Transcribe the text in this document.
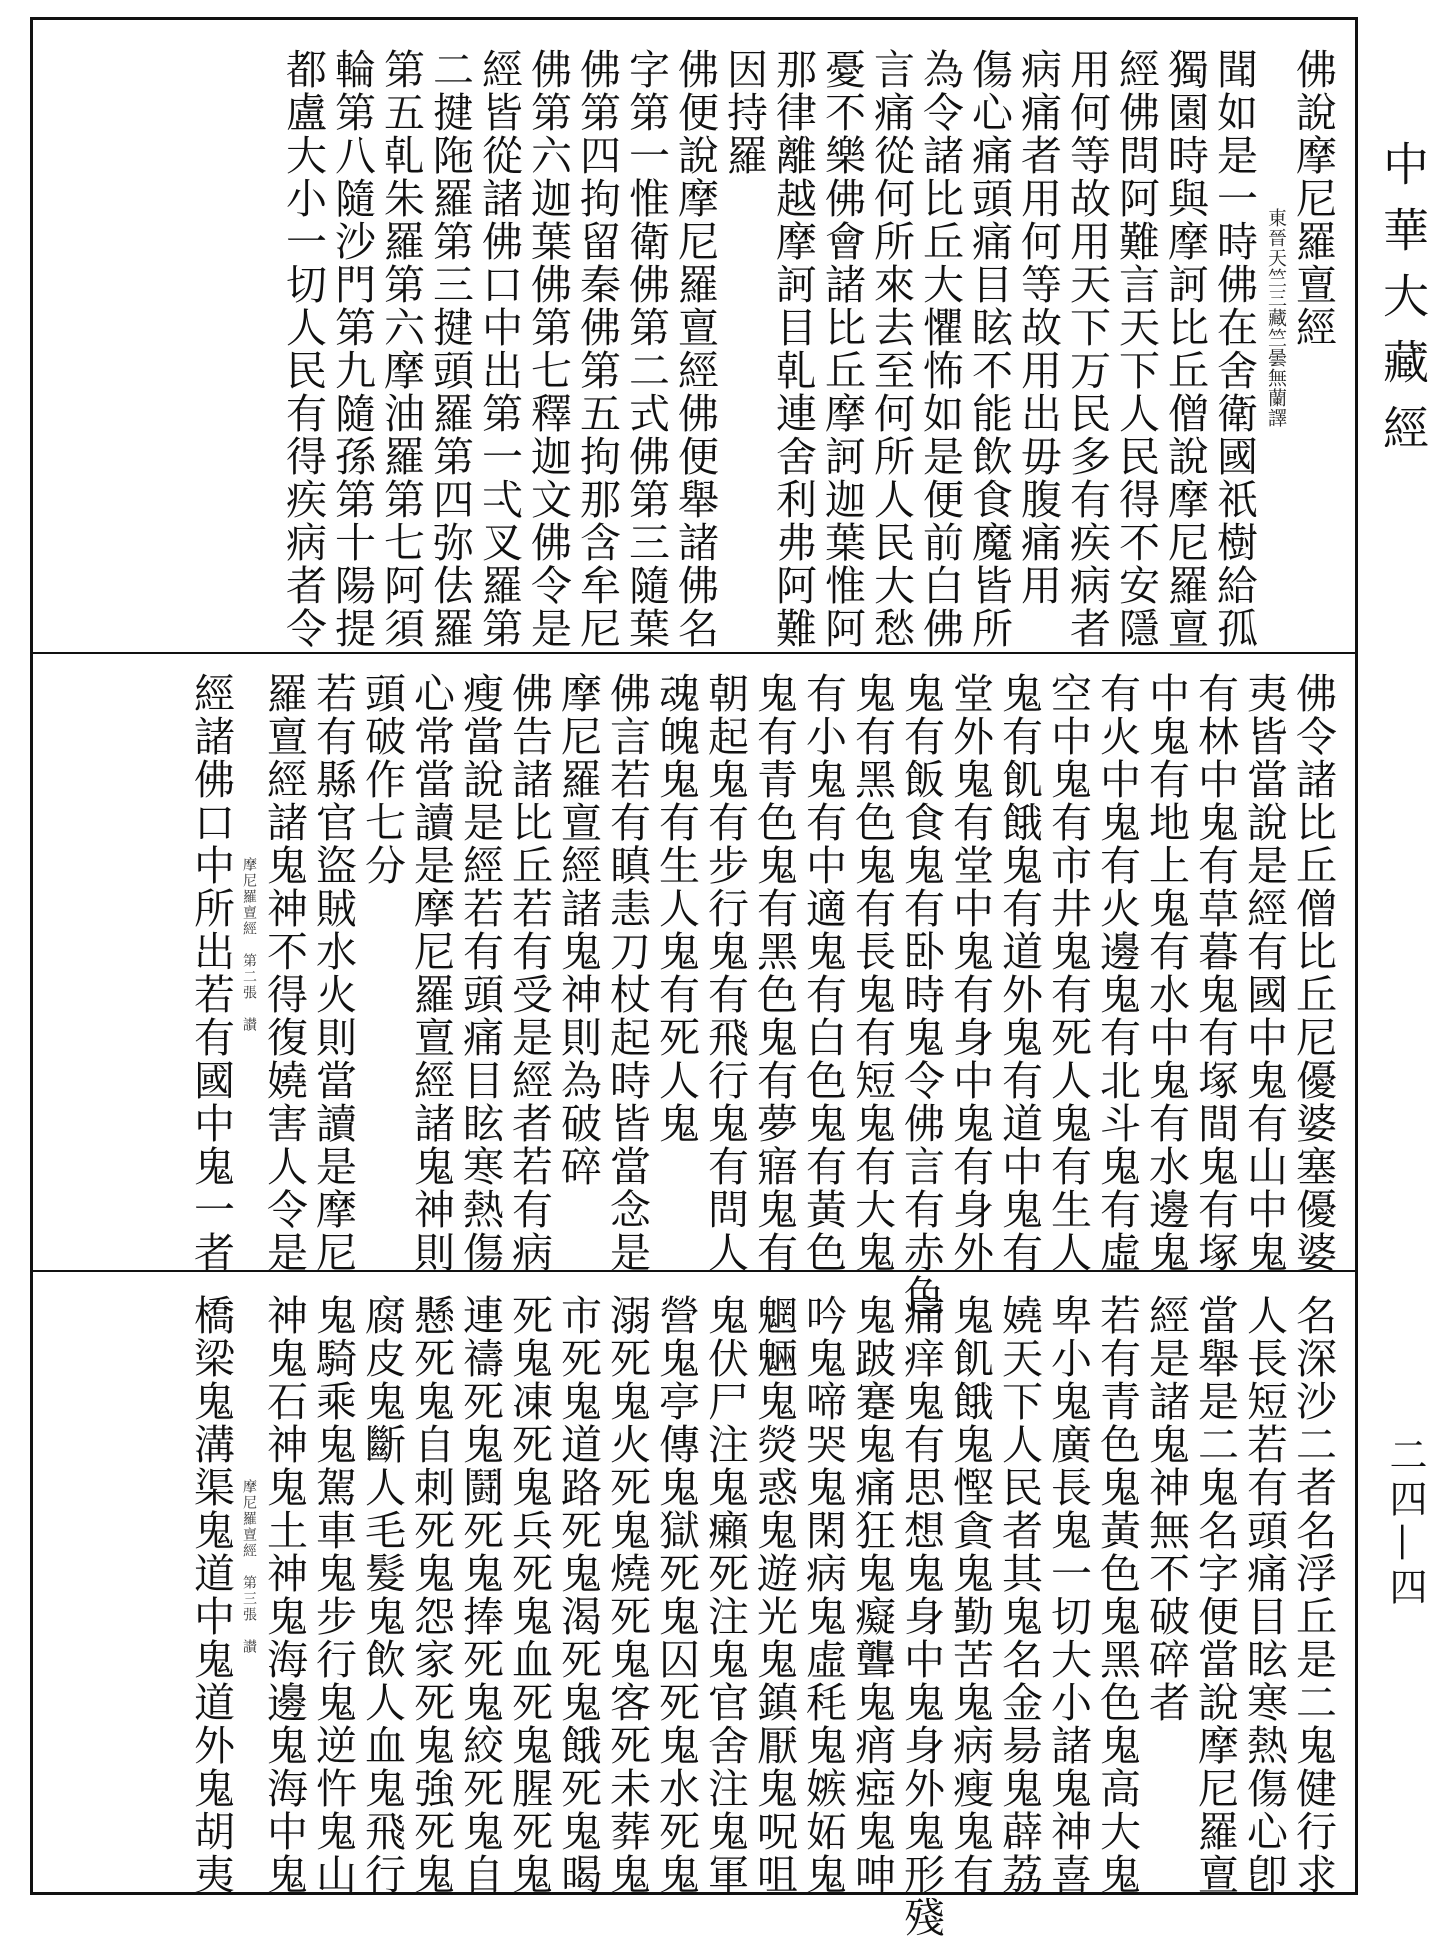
佛說摩尼羅亶經
東晉天竺三藏竺曇無蘭譯
聞如是一時佛在舍衛國祇樹給孤
獨園時與摩訶比丘僧說摩尼羅亶
經佛問阿難言天下人民得不安隱
用何等故用天下万民多有疾病者
病痛者用何等故用出毋腹痛用
傷心痛頭痛目眩不能飲食魔皆所
為令諸比丘大懼怖如是便前白佛
言痛從何所來去至何所人民大愁
憂不樂佛會諸比丘摩訶迦葉惟阿
那律離越摩訶目乹連舍利弗阿難
因持羅
佛便說摩尼羅亶經佛便舉諸佛名
字第一惟衛佛第二式佛第三隨葉
佛第四拘留秦佛第五拘那含牟尼
佛第六迦葉佛第七釋迦文佛令是
經皆從諸佛口中出第一弌叉羅第
二揵陁羅第三揵頭羅第四弥佉羅
第五乹朱羅第六摩油羅第七阿須
輪第八隨沙門第九隨孫第十陽提
都盧大小一切人民有得疾病者令
佛令諸比丘僧比丘尼優婆塞優婆
夷皆當說是經有國中鬼有山中鬼
有林中鬼有草暮鬼有塚間鬼有塚
中鬼有地上鬼有水中鬼有水邊鬼
有火中鬼有火邊鬼有北斗鬼有虛
空中鬼有市井鬼有死人鬼有生人
鬼有飢餓鬼有道外鬼有道中鬼有
堂外鬼有堂中鬼有身中鬼有身外
鬼有飯食鬼有卧時鬼令佛言有赤色
鬼有黑色鬼有長鬼有短鬼有大鬼
有小鬼有中適鬼有白色鬼有黃色
鬼有青色鬼有黑色鬼有夢寤鬼有
朝起鬼有步行鬼有飛行鬼有問人
魂魄鬼有生人鬼有死人鬼
佛言若有瞋恚刀杖起時皆當念是
摩尼羅亶經諸鬼神則為破碎
佛告諸比丘若有受是經者若有病
瘦當說是經若有頭痛目眩寒熱傷
心常當讀是摩尼羅亶經諸鬼神則
頭破作七分
若有縣官盜賊水火則當讀是摩尼
羅亶經諸鬼神不得復嬈害人令是
摩尼羅亶經　第二張　讃
經諸佛口中所出若有國中鬼一者
名深沙二者名浮丘是二鬼健行求
人長短若有頭痛目眩寒熱傷心卽
當舉是二鬼名字便當說摩尼羅亶
經是諸鬼神無不破碎者
若有青色鬼黃色鬼黑色鬼高大鬼
卑小鬼廣長鬼一切大小諸鬼神喜
嬈天下人民者其鬼名金昜鬼薜荔
鬼飢餓鬼慳貪鬼勤苦鬼病瘦鬼有
痛痒鬼有思想鬼身中鬼身外鬼形殘
鬼跛蹇鬼痛狂鬼癡聾鬼痟瘂鬼呻
吟鬼啼哭鬼閑病鬼虛秏鬼嫉妬鬼
魍魎鬼熒惑鬼遊光鬼鎮厭鬼呪咀
鬼伏尸注鬼癩死注鬼官舍注鬼軍
營鬼亭傳鬼獄死鬼囚死鬼水死鬼
溺死鬼火死鬼燒死鬼客死未葬鬼
市死鬼道路死鬼渴死鬼餓死鬼暍
死鬼凍死鬼兵死鬼血死鬼腥死鬼
連禱死鬼鬪死鬼捧死鬼絞死鬼自
懸死鬼自刺死鬼怨家死鬼強死鬼
腐皮鬼斷人毛髮鬼飲人血鬼飛行
鬼騎乘鬼駕車鬼步行鬼逆忤鬼山
神鬼石神鬼土神鬼海邊鬼海中鬼
摩尼羅亶經　第三張　讃
橋梁鬼溝渠鬼道中鬼道外鬼胡夷
中華大藏經
二四—四
